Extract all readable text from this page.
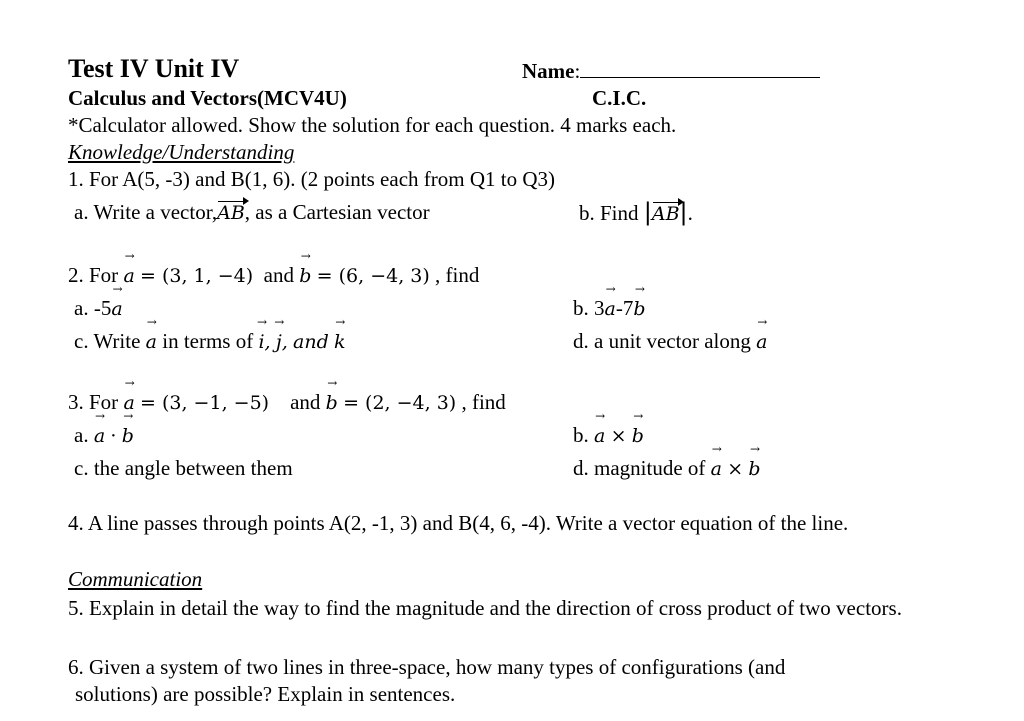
Test IV Unit IV	Name:
Calculus and Vectors(MCV4U)	C.I.C.
*Calculator allowed. Show the solution for each question. 4 marks each.
Knowledge/Understanding
1. For A(5, -3) and B(1, 6). (2 points each from Q1 to Q3)
a. Write a vector,AB, as a Cartesian vector	b. Find |AB|.
2. For → a = (3, 1, −4) and → b = (6, −4, 3) , find
a. -5→ a	b. 3→ a-7→ b
c. Write → a in terms of → i, → j, and → k	d. a unit vector along → a
3. For → a = (3, −1, −5) and → b = (2, −4, 3) , find
a. → a · → b	b. → a × → b
c. the angle between them	d. magnitude of → a × → b
4. A line passes through points A(2, -1, 3) and B(4, 6, -4). Write a vector equation of the line.
Communication
5. Explain in detail the way to find the magnitude and the direction of cross product of two vectors.
6. Given a system of two lines in three-space, how many types of configurations (and
solutions) are possible? Explain in sentences.
